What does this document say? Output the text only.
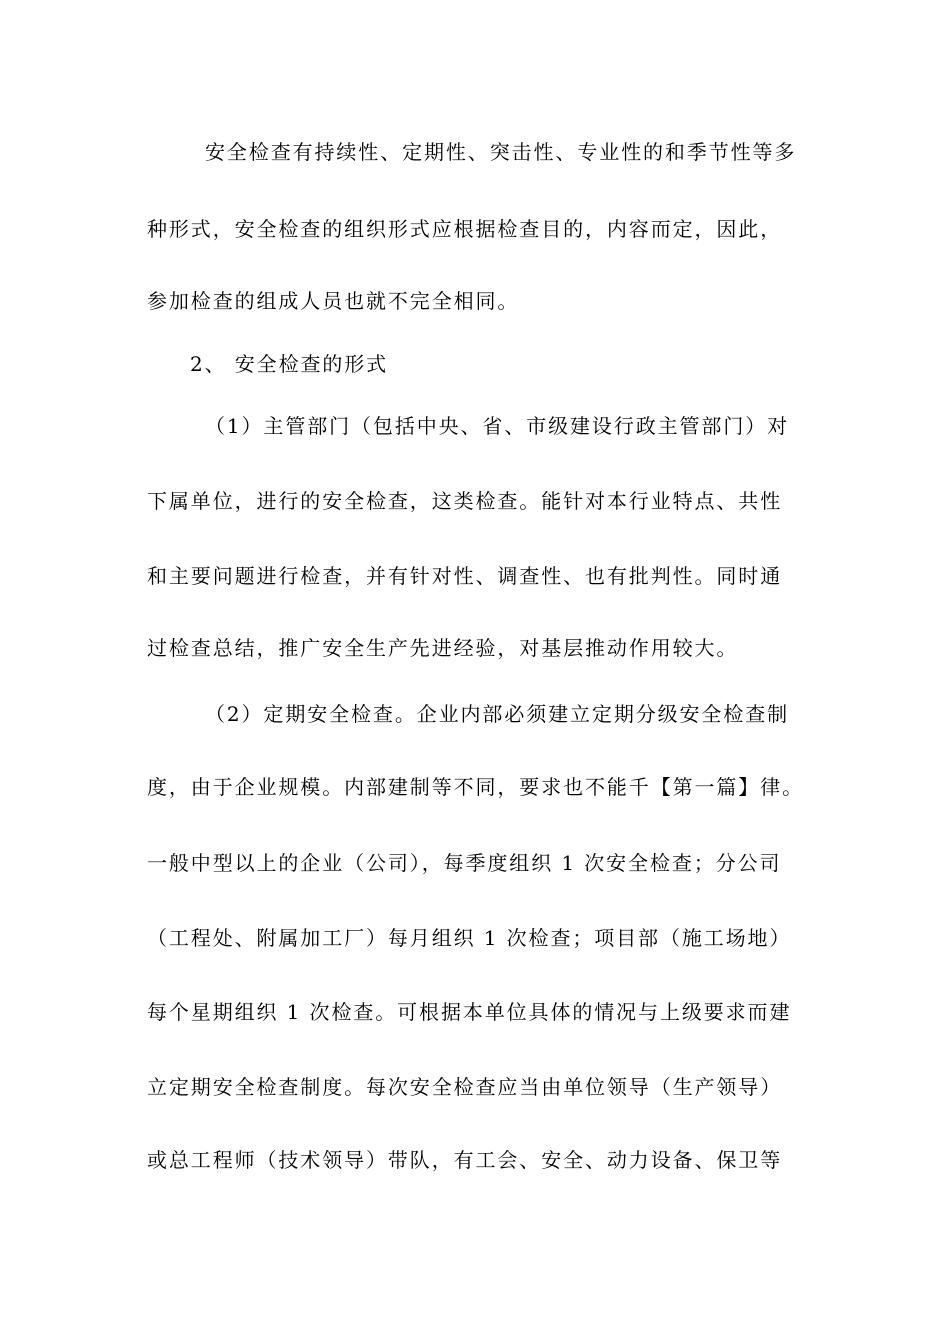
安全检查有持续性、定期性、突击性、专业性的和季节性等多
种形式，安全检查的组织形式应根据检查目的，内容而定，因此，
参加检查的组成人员也就不完全相同。
2、 安全检查的形式
（1）主管部门（包括中央、省、市级建设行政主管部门）对
下属单位，进行的安全检查，这类检查。能针对本行业特点、共性
和主要问题进行检查，并有针对性、调查性、也有批判性。同时通
过检查总结，推广安全生产先进经验，对基层推动作用较大。
（2）定期安全检查。企业内部必须建立定期分级安全检查制
度，由于企业规模。内部建制等不同，要求也不能千【第一篇】律。
一般中型以上的企业（公司），每季度组织 1 次安全检查；分公司
（工程处、附属加工厂）每月组织 1 次检查；项目部（施工场地）
每个星期组织 1 次检查。可根据本单位具体的情况与上级要求而建
立定期安全检查制度。每次安全检查应当由单位领导（生产领导）
或总工程师（技术领导）带队，有工会、安全、动力设备、保卫等
